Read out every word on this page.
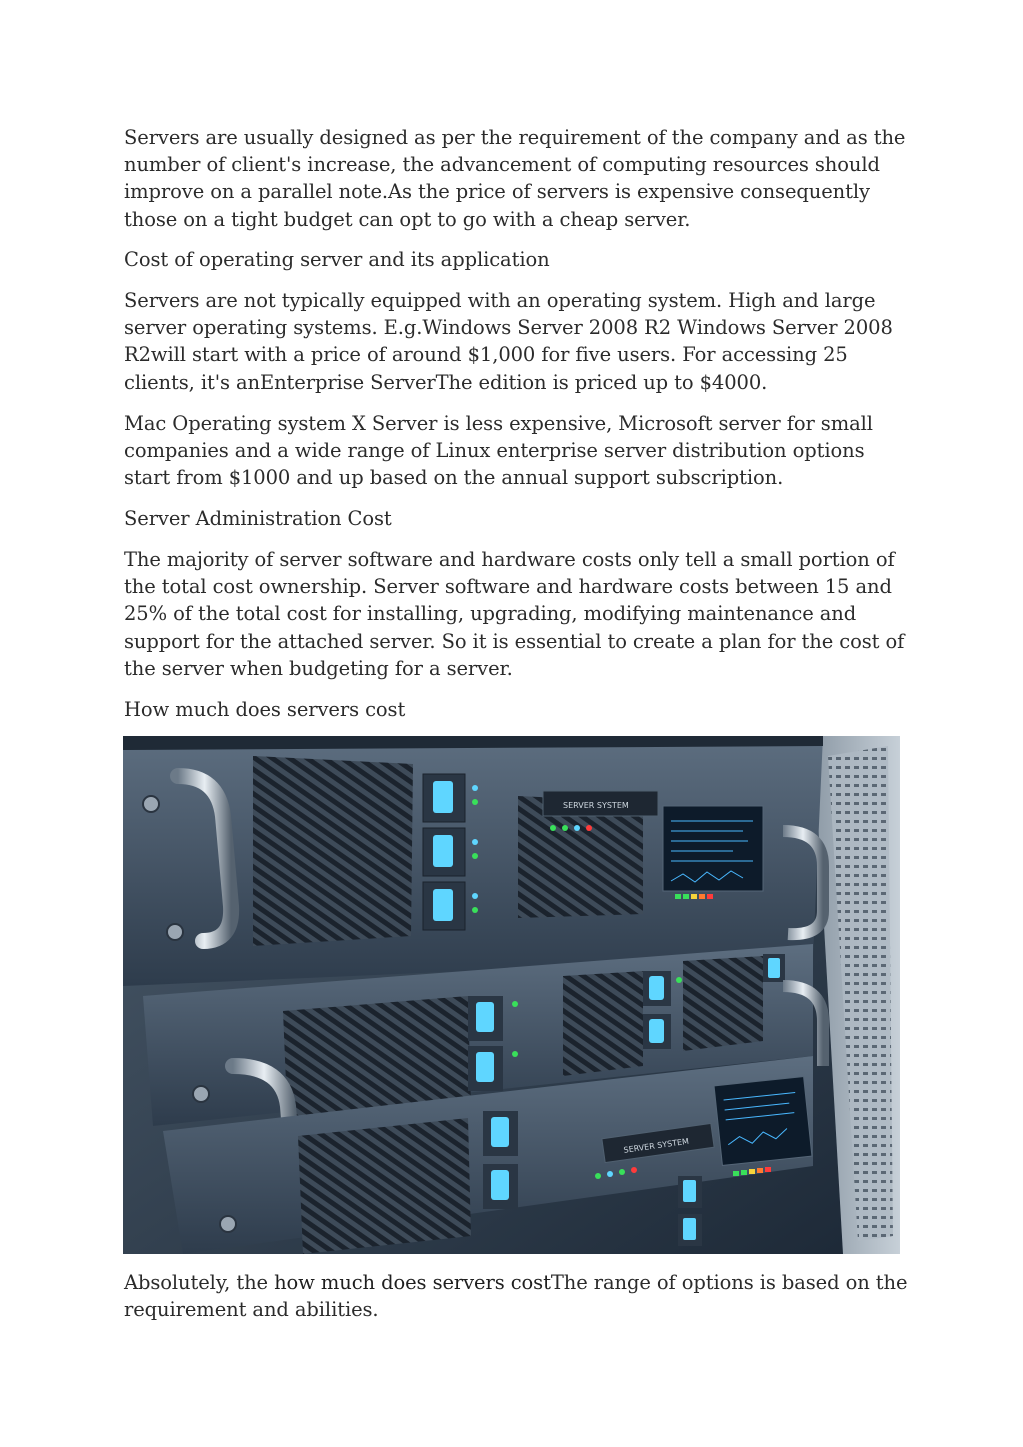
Servers are usually designed as per the requirement of the company and as the number of client's increase, the advancement of computing resources should improve on a parallel note.As the price of servers is expensive consequently those on a tight budget can opt to go with a cheap server.

Cost of operating server and its application

Servers are not typically equipped with an operating system. High and large server operating systems. E.g.Windows Server 2008 R2 Windows Server 2008 R2will start with a price of around $1,000 for five users. For accessing 25 clients, it's anEnterprise ServerThe edition is priced up to $4000.

Mac Operating system X Server is less expensive, Microsoft server for small companies and a wide range of Linux enterprise server distribution options start from $1000 and up based on the annual support subscription.

Server Administration Cost

The majority of server software and hardware costs only tell a small portion of the total cost ownership. Server software and hardware costs between 15 and 25% of the total cost for installing, upgrading, modifying maintenance and support for the attached server. So it is essential to create a plan for the cost of the server when budgeting for a server.

How much does servers cost

SERVER SYSTEM
SERVER SYSTEM

Absolutely, the how much does servers costThe range of options is based on the requirement and abilities.
